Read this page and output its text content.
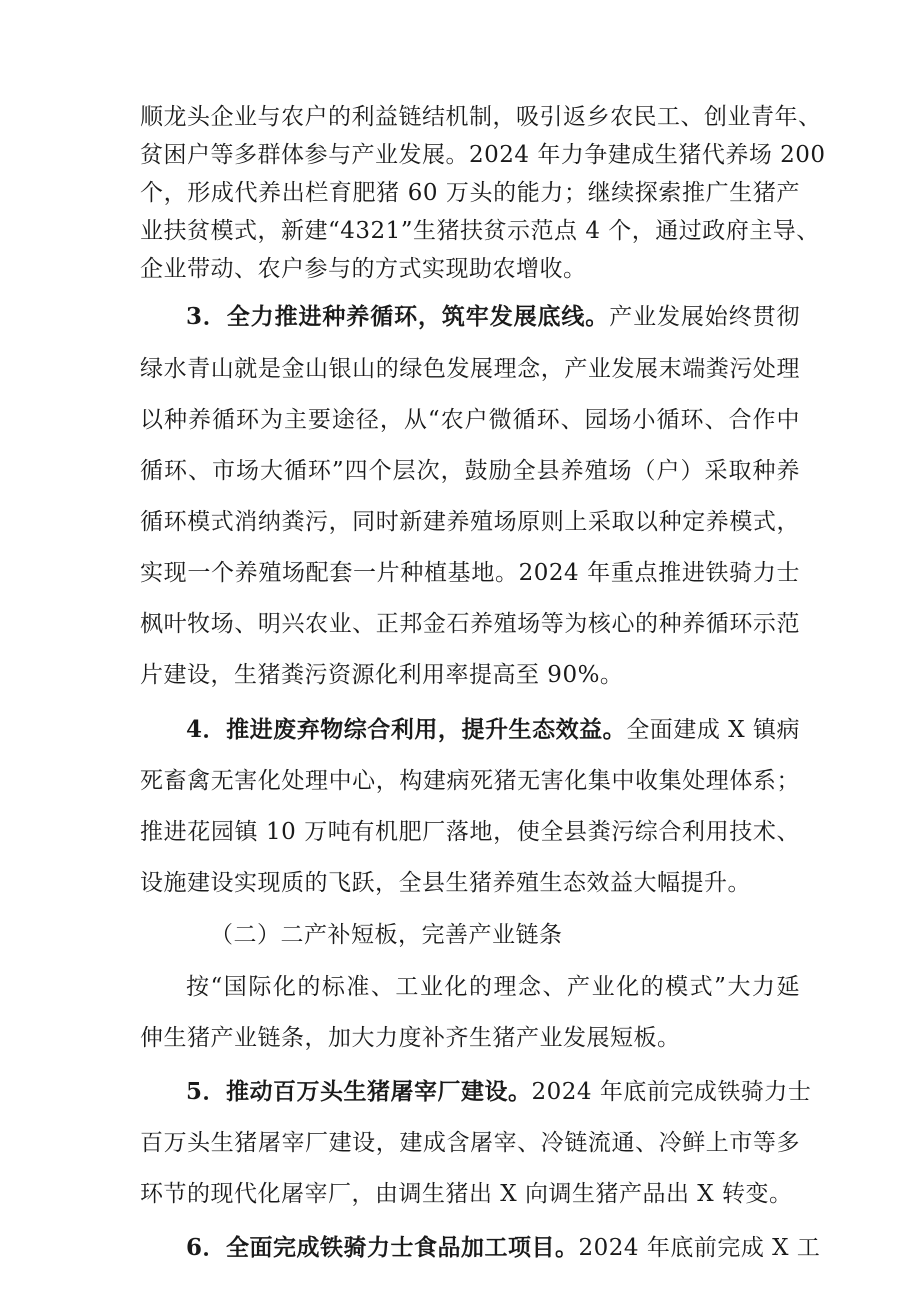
顺龙头企业与农户的利益链结机制，吸引返乡农民工、创业青年、
贫困户等多群体参与产业发展。2024 年力争建成生猪代养场 200
个，形成代养出栏育肥猪 60 万头的能力；继续探索推广生猪产
业扶贫模式，新建“4321”生猪扶贫示范点 4 个，通过政府主导、
企业带动、农户参与的方式实现助农增收。
3．全力推进种养循环，筑牢发展底线。产业发展始终贯彻
绿水青山就是金山银山的绿色发展理念，产业发展末端粪污处理
以种养循环为主要途径，从“农户微循环、园场小循环、合作中
循环、市场大循环”四个层次，鼓励全县养殖场（户）采取种养
循环模式消纳粪污，同时新建养殖场原则上采取以种定养模式，
实现一个养殖场配套一片种植基地。2024 年重点推进铁骑力士
枫叶牧场、明兴农业、正邦金石养殖场等为核心的种养循环示范
片建设，生猪粪污资源化利用率提高至 90%。
4．推进废弃物综合利用，提升生态效益。全面建成 X 镇病
死畜禽无害化处理中心，构建病死猪无害化集中收集处理体系；
推进花园镇 10 万吨有机肥厂落地，使全县粪污综合利用技术、
设施建设实现质的飞跃，全县生猪养殖生态效益大幅提升。
（二）二产补短板，完善产业链条
按“国际化的标准、工业化的理念、产业化的模式”大力延
伸生猪产业链条，加大力度补齐生猪产业发展短板。
5．推动百万头生猪屠宰厂建设。2024 年底前完成铁骑力士
百万头生猪屠宰厂建设，建成含屠宰、冷链流通、冷鲜上市等多
环节的现代化屠宰厂，由调生猪出 X 向调生猪产品出 X 转变。
6．全面完成铁骑力士食品加工项目。2024 年底前完成 X 工
